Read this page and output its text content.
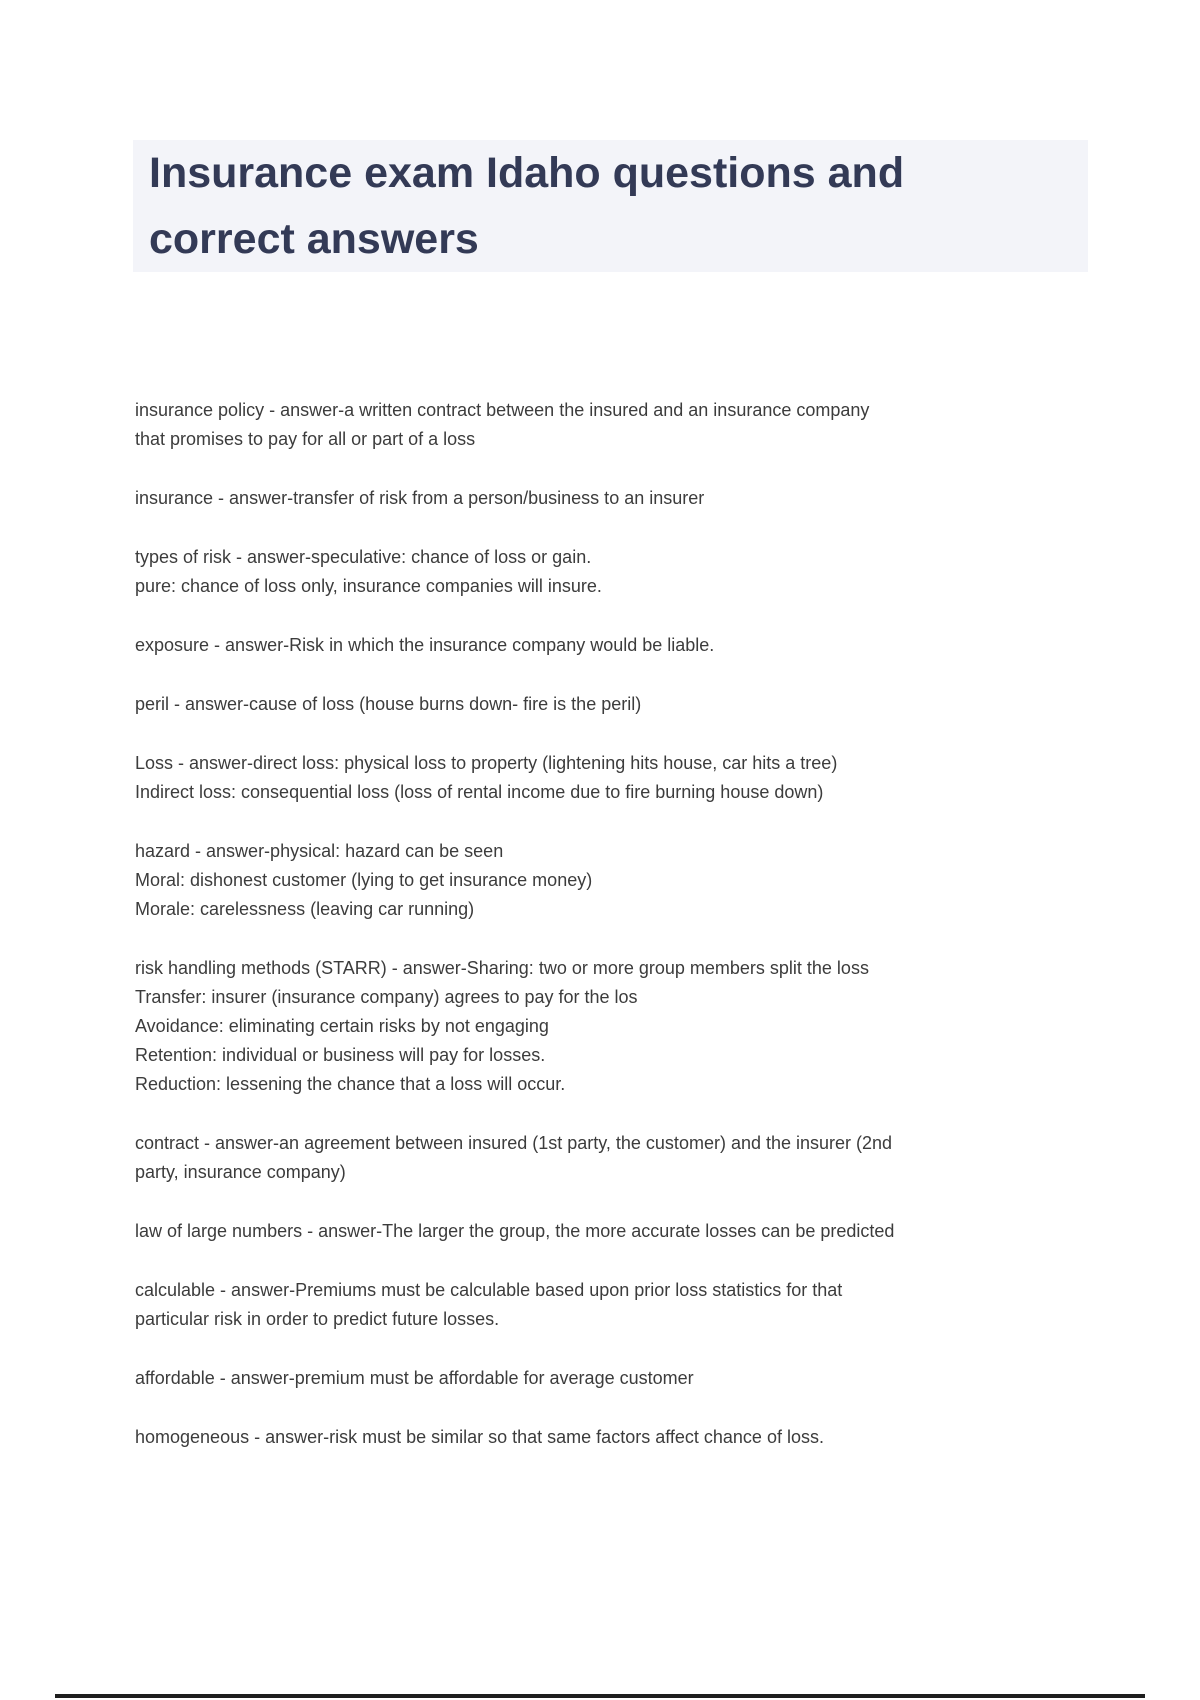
Insurance exam Idaho questions and
correct answers
insurance policy - answer-a written contract between the insured and an insurance company
that promises to pay for all or part of a loss
insurance - answer-transfer of risk from a person/business to an insurer
types of risk - answer-speculative: chance of loss or gain.
pure: chance of loss only, insurance companies will insure.
exposure - answer-Risk in which the insurance company would be liable.
peril - answer-cause of loss (house burns down- fire is the peril)
Loss - answer-direct loss: physical loss to property (lightening hits house, car hits a tree)
Indirect loss: consequential loss (loss of rental income due to fire burning house down)
hazard - answer-physical: hazard can be seen
Moral: dishonest customer (lying to get insurance money)
Morale: carelessness (leaving car running)
risk handling methods (STARR) - answer-Sharing: two or more group members split the loss
Transfer: insurer (insurance company) agrees to pay for the los
Avoidance: eliminating certain risks by not engaging
Retention: individual or business will pay for losses.
Reduction: lessening the chance that a loss will occur.
contract - answer-an agreement between insured (1st party, the customer) and the insurer (2nd
party, insurance company)
law of large numbers - answer-The larger the group, the more accurate losses can be predicted
calculable - answer-Premiums must be calculable based upon prior loss statistics for that
particular risk in order to predict future losses.
affordable - answer-premium must be affordable for average customer
homogeneous - answer-risk must be similar so that same factors affect chance of loss.
